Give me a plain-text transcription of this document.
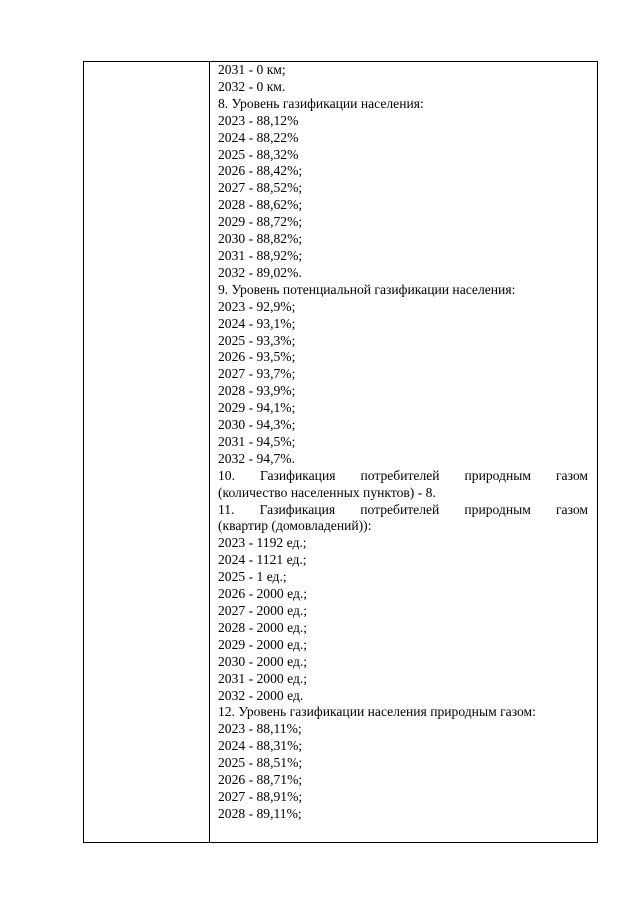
2031 - 0 км;
2032 - 0 км.
8. Уровень газификации населения:
2023 - 88,12%
2024 - 88,22%
2025 - 88,32%
2026 - 88,42%;
2027 - 88,52%;
2028 - 88,62%;
2029 - 88,72%;
2030 - 88,82%;
2031 - 88,92%;
2032 - 89,02%.
9. Уровень потенциальной газификации населения:
2023 - 92,9%;
2024 - 93,1%;
2025 - 93,3%;
2026 - 93,5%;
2027 - 93,7%;
2028 - 93,9%;
2029 - 94,1%;
2030 - 94,3%;
2031 - 94,5%;
2032 - 94,7%.
10. Газификация потребителей природным газом
(количество населенных пунктов) - 8.
11. Газификация потребителей природным газом
(квартир (домовладений)):
2023 - 1192 ед.;
2024 - 1121 ед.;
2025 - 1 ед.;
2026 - 2000 ед.;
2027 - 2000 ед.;
2028 - 2000 ед.;
2029 - 2000 ед.;
2030 - 2000 ед.;
2031 - 2000 ед.;
2032 - 2000 ед.
12. Уровень газификации населения природным газом:
2023 - 88,11%;
2024 - 88,31%;
2025 - 88,51%;
2026 - 88,71%;
2027 - 88,91%;
2028 - 89,11%;
